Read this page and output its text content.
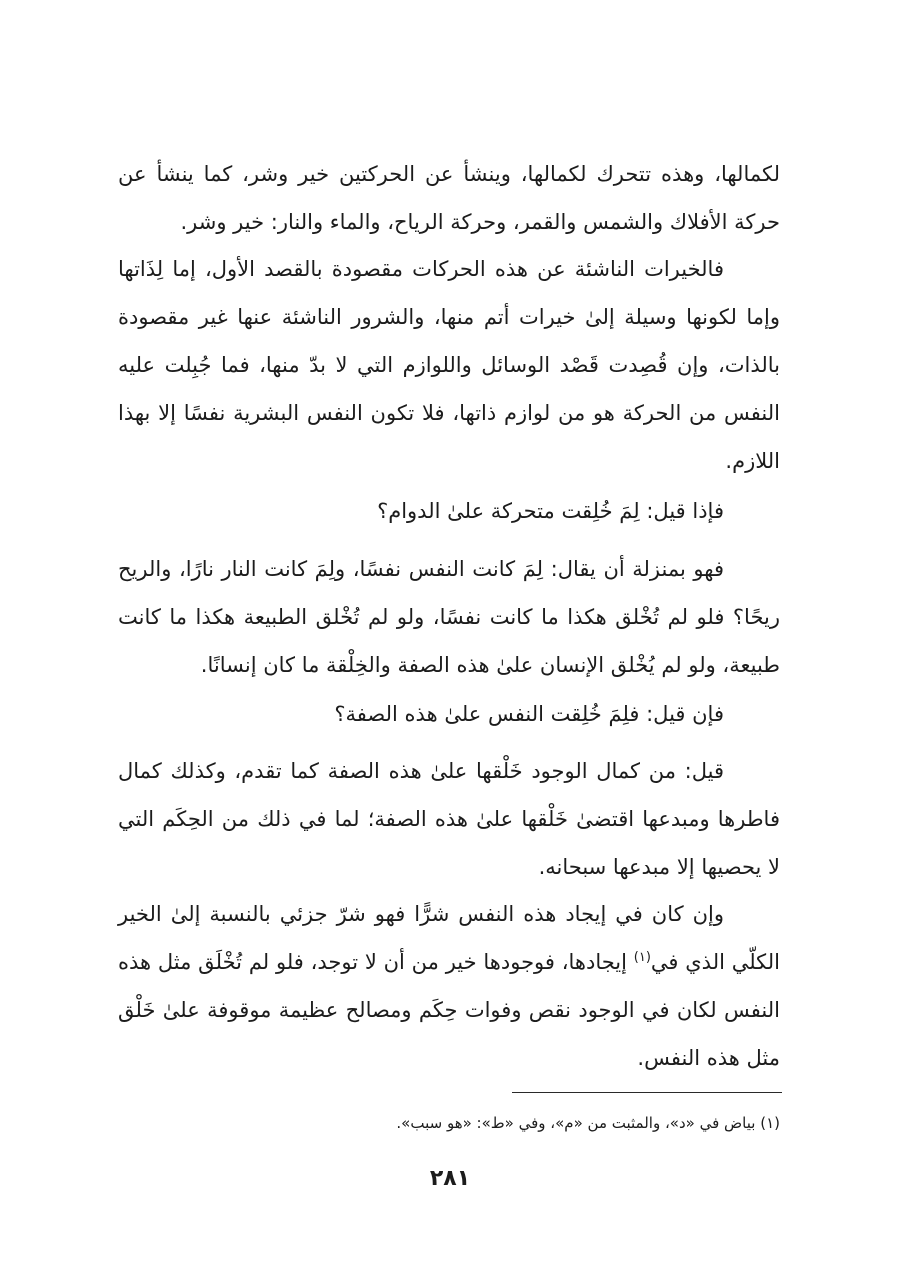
لكمالها، وهذه تتحرك لكمالها، وينشأ عن الحركتين خير وشر، كما ينشأ عن حركة الأفلاك والشمس والقمر، وحركة الرياح، والماء والنار: خير وشر.

فالخيرات الناشئة عن هذه الحركات مقصودة بالقصد الأول، إما لِذَاتها وإما لكونها وسيلة إلىٰ خيرات أتم منها، والشرور الناشئة عنها غير مقصودة بالذات، وإن قُصِدت قَصْد الوسائل واللوازم التي لا بدّ منها، فما جُبِلت عليه النفس من الحركة هو من لوازم ذاتها، فلا تكون النفس البشرية نفسًا إلا بهذا اللازم.

فإذا قيل: لِمَ خُلِقت متحركة علىٰ الدوام؟

فهو بمنزلة أن يقال: لِمَ كانت النفس نفسًا، ولِمَ كانت النار نارًا، والريح ريحًا؟ فلو لم تُخْلق هكذا ما كانت نفسًا، ولو لم تُخْلق الطبيعة هكذا ما كانت طبيعة، ولو لم يُخْلق الإنسان علىٰ هذه الصفة والخِلْقة ما كان إنسانًا.

فإن قيل: فلِمَ خُلِقت النفس علىٰ هذه الصفة؟

قيل: من كمال الوجود خَلْقها علىٰ هذه الصفة كما تقدم، وكذلك كمال فاطرها ومبدعها اقتضىٰ خَلْقها علىٰ هذه الصفة؛ لما في ذلك من الحِكَم التي لا يحصيها إلا مبدعها سبحانه.

وإن كان في إيجاد هذه النفس شرًّا فهو شرّ جزئي بالنسبة إلىٰ الخير الكلّي الذي في$^{(١)}$ إيجادها، فوجودها خير من أن لا توجد، فلو لم تُخْلَق مثل هذه النفس لكان في الوجود نقص وفوات حِكَم ومصالح عظيمة موقوفة علىٰ خَلْق مثل هذه النفس.

(١) بياض في «د»، والمثبت من «م»، وفي «ط»: «هو سبب».

٢٨١
